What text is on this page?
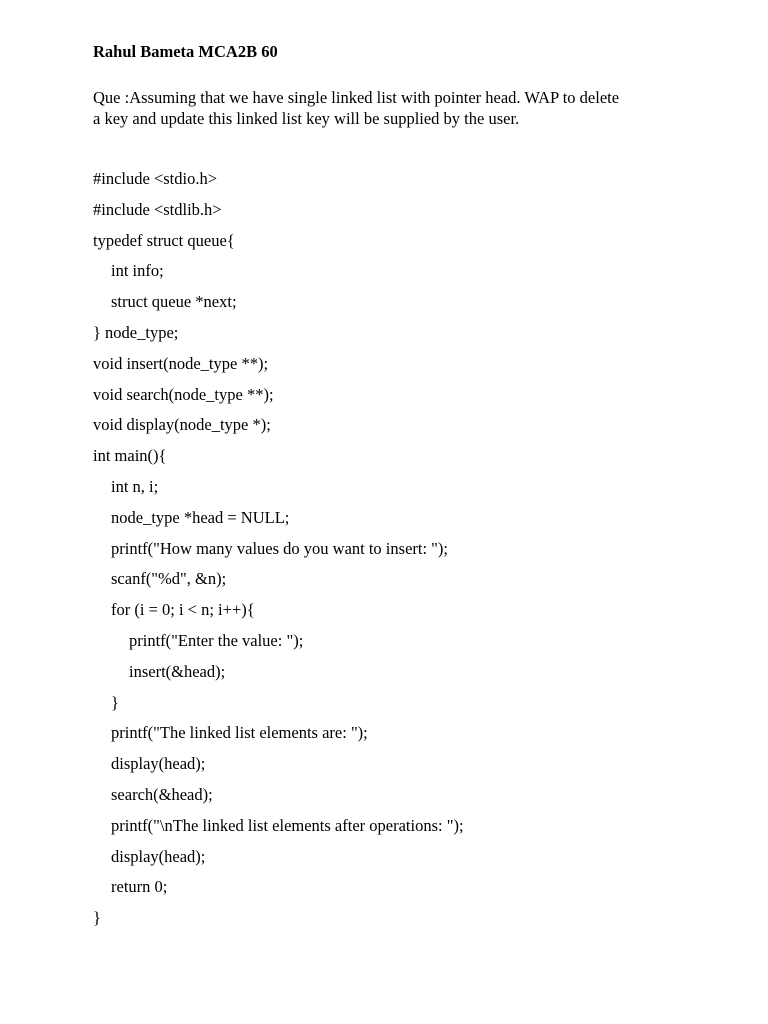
Rahul Bameta MCA2B 60
Que :Assuming that we have single linked list with pointer head. WAP to delete
a key and update this linked list key will be supplied by the user.
#include <stdio.h>
#include <stdlib.h>
typedef struct queue{
int info;
struct queue *next;
} node_type;
void insert(node_type **);
void search(node_type **);
void display(node_type *);
int main(){
int n, i;
node_type *head = NULL;
printf("How many values do you want to insert: ");
scanf("%d", &n);
for (i = 0; i < n; i++){
printf("Enter the value: ");
insert(&head);
}
printf("The linked list elements are: ");
display(head);
search(&head);
printf("\nThe linked list elements after operations: ");
display(head);
return 0;
}
